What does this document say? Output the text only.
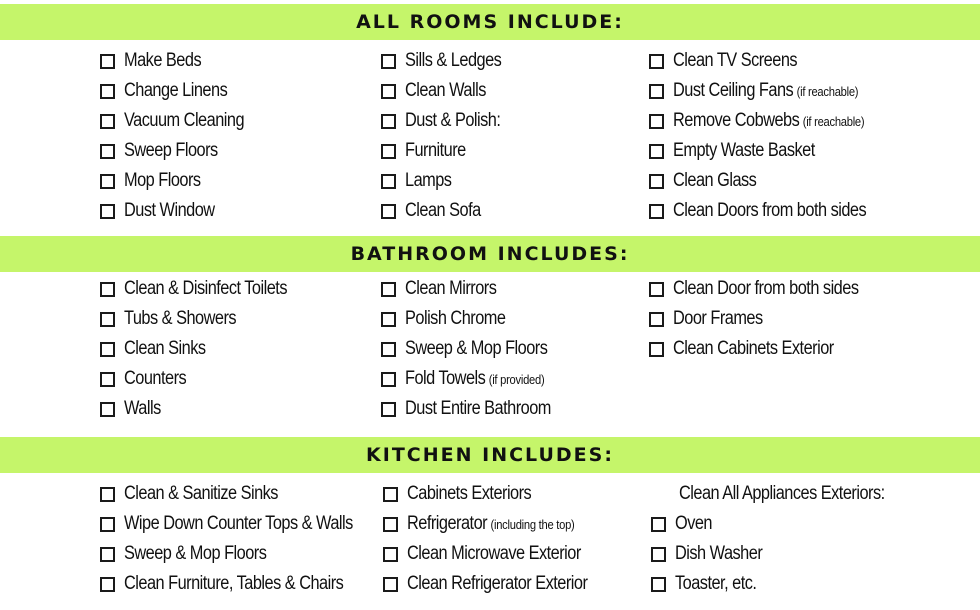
ALL ROOMS INCLUDE:
Make Beds
Change Linens
Vacuum Cleaning
Sweep Floors
Mop Floors
Dust Window
Sills & Ledges
Clean Walls
Dust & Polish:
Furniture
Lamps
Clean Sofa
Clean TV Screens
Dust Ceiling Fans (if reachable)
Remove Cobwebs (if reachable)
Empty Waste Basket
Clean Glass
Clean Doors from both sides
BATHROOM INCLUDES:
Clean & Disinfect Toilets
Tubs & Showers
Clean Sinks
Counters
Walls
Clean Mirrors
Polish Chrome
Sweep & Mop Floors
Fold Towels (if provided)
Dust Entire Bathroom
Clean Door from both sides
Door Frames
Clean Cabinets Exterior
KITCHEN INCLUDES:
Clean & Sanitize Sinks
Wipe Down Counter Tops & Walls
Sweep & Mop Floors
Clean Furniture, Tables & Chairs
Cabinets Exteriors
Refrigerator (including the top)
Clean Microwave Exterior
Clean Refrigerator Exterior
Clean All Appliances Exteriors:
Oven
Dish Washer
Toaster, etc.
